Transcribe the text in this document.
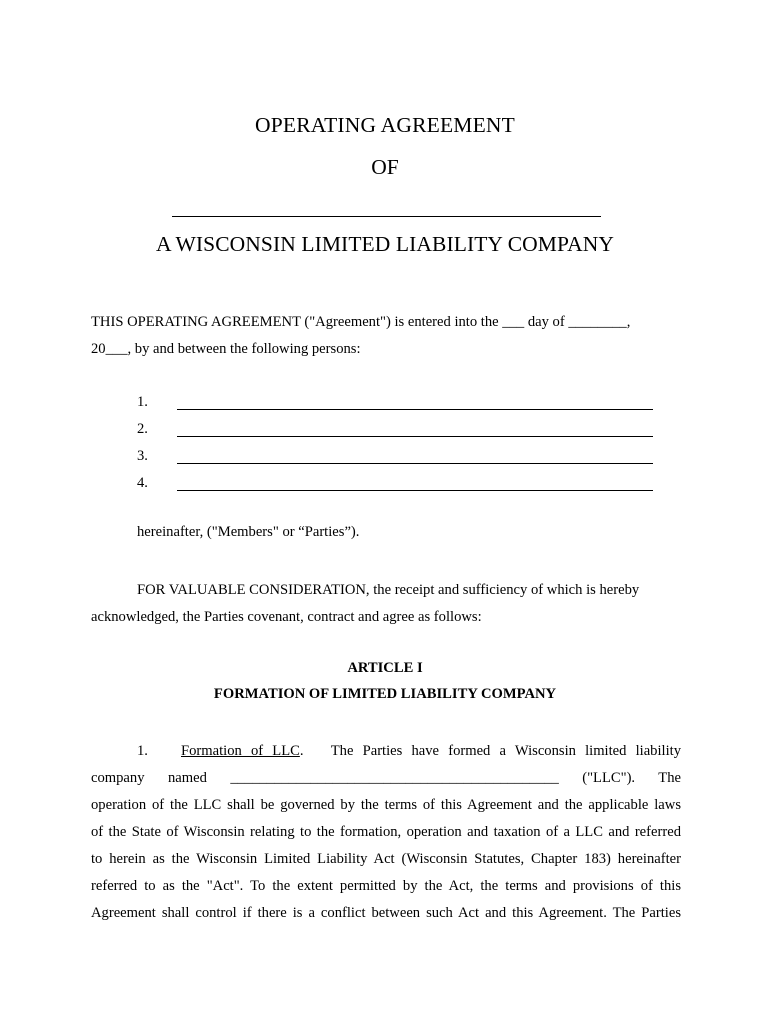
OPERATING AGREEMENT
OF
A WISCONSIN LIMITED LIABILITY COMPANY
THIS OPERATING AGREEMENT ("Agreement") is entered into the ___ day of ________,
20___, by and between the following persons:
1.
2.
3.
4.
hereinafter, ("Members" or “Parties”).
FOR VALUABLE CONSIDERATION, the receipt and sufficiency of which is hereby
acknowledged, the Parties covenant, contract and agree as follows:
ARTICLE I
FORMATION OF LIMITED LIABILITY COMPANY
1. Formation of LLC. The Parties have formed a Wisconsin limited liability
company named _____________________________________________ ("LLC"). The
operation of the LLC shall be governed by the terms of this Agreement and the applicable laws
of the State of Wisconsin relating to the formation, operation and taxation of a LLC and referred
to herein as the Wisconsin Limited Liability Act (Wisconsin Statutes, Chapter 183) hereinafter
referred to as the "Act". To the extent permitted by the Act, the terms and provisions of this
Agreement shall control if there is a conflict between such Act and this Agreement. The Parties
